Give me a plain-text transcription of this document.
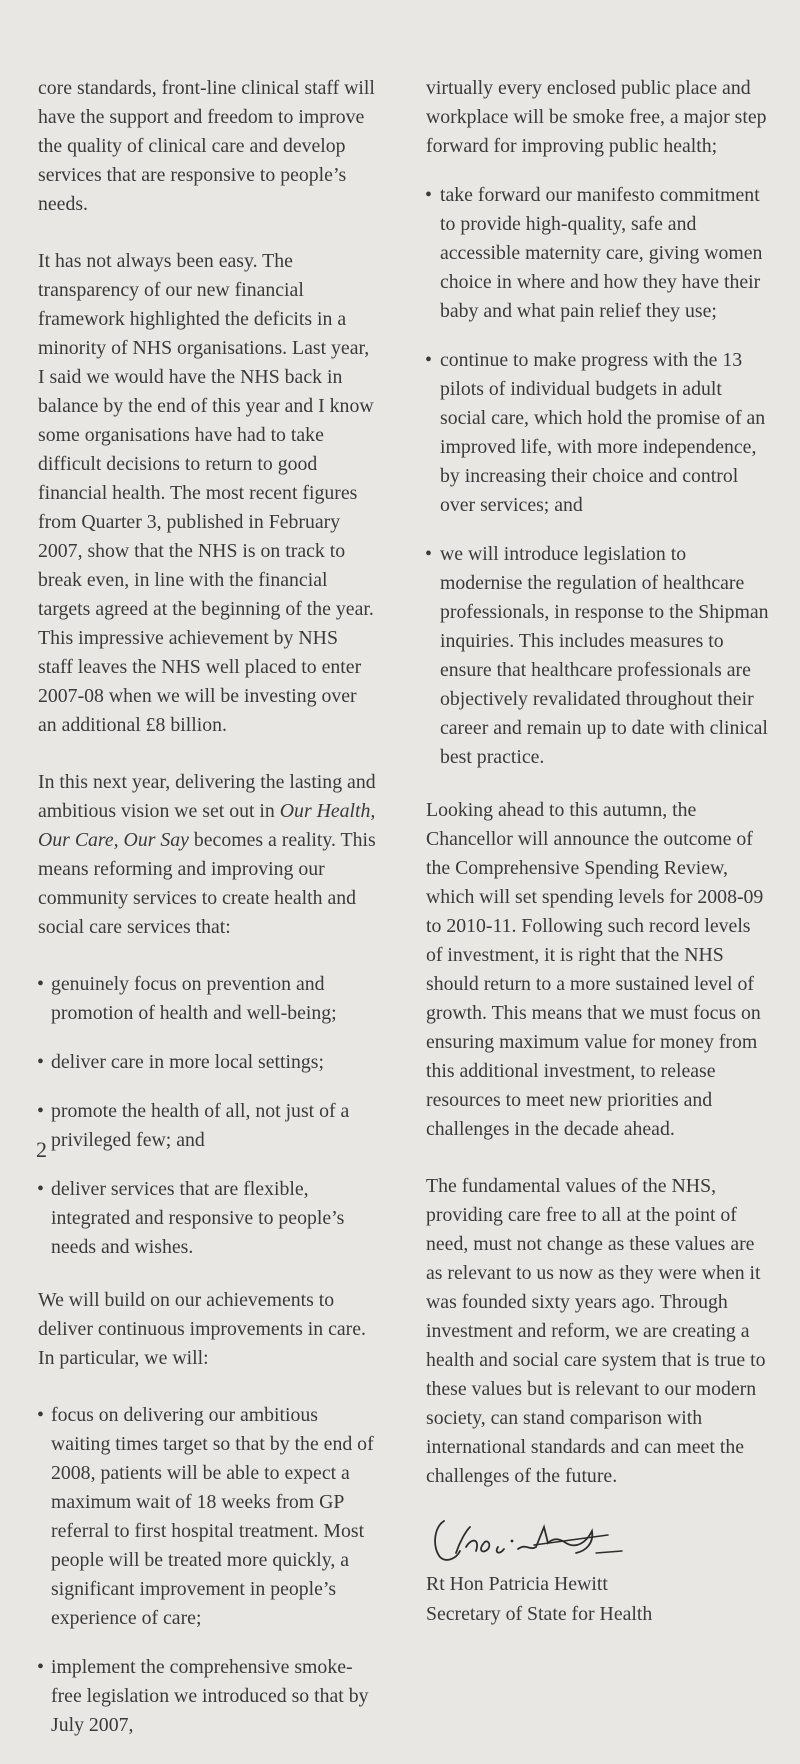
core standards, front-line clinical staff will have the support and freedom to improve the quality of clinical care and develop services that are responsive to people’s needs.

It has not always been easy. The transparency of our new financial framework highlighted the deficits in a minority of NHS organisations. Last year, I said we would have the NHS back in balance by the end of this year and I know some organisations have had to take difficult decisions to return to good financial health. The most recent figures from Quarter 3, published in February 2007, show that the NHS is on track to break even, in line with the financial targets agreed at the beginning of the year. This impressive achievement by NHS staff leaves the NHS well placed to enter 2007-08 when we will be investing over an additional £8 billion.

In this next year, delivering the lasting and ambitious vision we set out in Our Health, Our Care, Our Say becomes a reality. This means reforming and improving our community services to create health and social care services that:

• genuinely focus on prevention and promotion of health and well-being;
• deliver care in more local settings;
• promote the health of all, not just of a privileged few; and
• deliver services that are flexible, integrated and responsive to people’s needs and wishes.

We will build on our achievements to deliver continuous improvements in care. In particular, we will:

• focus on delivering our ambitious waiting times target so that by the end of 2008, patients will be able to expect a maximum wait of 18 weeks from GP referral to first hospital treatment. Most people will be treated more quickly, a significant improvement in people’s experience of care;
• implement the comprehensive smoke-free legislation we introduced so that by July 2007,

virtually every enclosed public place and workplace will be smoke free, a major step forward for improving public health;

• take forward our manifesto commitment to provide high-quality, safe and accessible maternity care, giving women choice in where and how they have their baby and what pain relief they use;
• continue to make progress with the 13 pilots of individual budgets in adult social care, which hold the promise of an improved life, with more independence, by increasing their choice and control over services; and
• we will introduce legislation to modernise the regulation of healthcare professionals, in response to the Shipman inquiries. This includes measures to ensure that healthcare professionals are objectively revalidated throughout their career and remain up to date with clinical best practice.

Looking ahead to this autumn, the Chancellor will announce the outcome of the Comprehensive Spending Review, which will set spending levels for 2008-09 to 2010-11. Following such record levels of investment, it is right that the NHS should return to a more sustained level of growth. This means that we must focus on ensuring maximum value for money from this additional investment, to release resources to meet new priorities and challenges in the decade ahead.

The fundamental values of the NHS, providing care free to all at the point of need, must not change as these values are as relevant to us now as they were when it was founded sixty years ago. Through investment and reform, we are creating a health and social care system that is true to these values but is relevant to our modern society, can stand comparison with international standards and can meet the challenges of the future.

Rt Hon Patricia Hewitt

Secretary of State for Health

2
